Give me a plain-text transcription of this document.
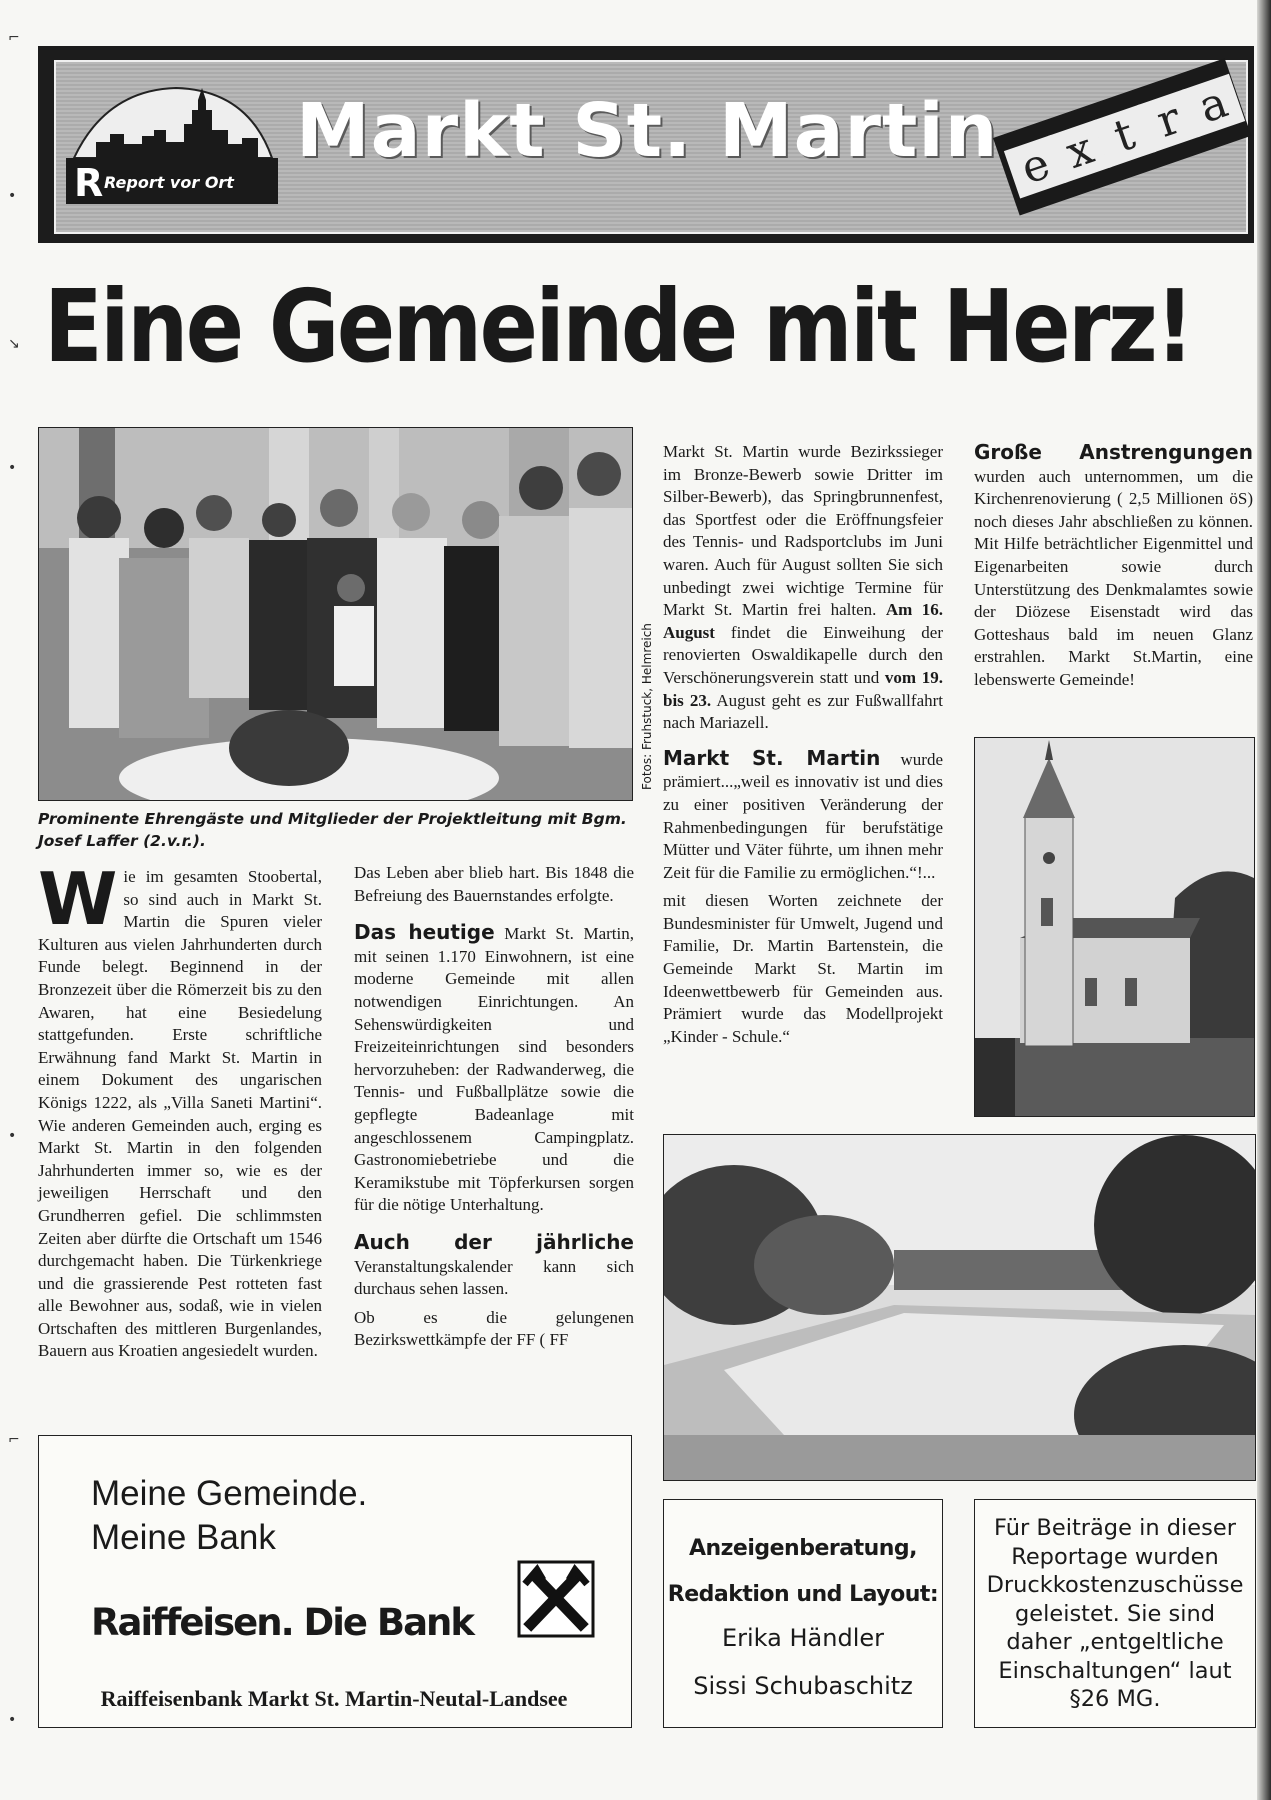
⌐
•
↘
•
•
⌐
•
R Report vor Ort
Markt St. Martin e x t r a
Eine Gemeinde mit Herz!
Fotos: Fruhstuck, Helmreich
Prominente Ehrengäste und Mitglieder der Projektleitung mit Bgm. Josef Laffer (2.v.r.).

Wie im gesamten Stoobertal, so sind auch in Markt St. Martin die Spuren vieler Kulturen aus vielen Jahrhunderten durch Funde belegt. Beginnend in der Bronzezeit über die Römerzeit bis zu den Awaren, hat eine Besiedelung stattgefunden. Erste schriftliche Erwähnung fand Markt St. Martin in einem Dokument des ungarischen Königs 1222, als „Villa Saneti Martini“. Wie anderen Gemeinden auch, erging es Markt St. Martin in den folgenden Jahrhunderten immer so, wie es der jeweiligen Herrschaft und den Grundherren gefiel. Die schlimmsten Zeiten aber dürfte die Ortschaft um 1546 durchgemacht haben. Die Türkenkriege und die grassierende Pest rotteten fast alle Bewohner aus, sodaß, wie in vielen Ortschaften des mittleren Burgenlandes, Bauern aus Kroatien angesiedelt wurden.

Das Leben aber blieb hart. Bis 1848 die Befreiung des Bauernstandes erfolgte.

Das heutige Markt St. Martin, mit seinen 1.170 Einwohnern, ist eine moderne Gemeinde mit allen notwendigen Einrichtungen. An Sehenswürdigkeiten und Freizeiteinrichtungen sind besonders hervorzuheben: der Radwanderweg, die Tennis- und Fußballplätze sowie die gepflegte Badeanlage mit angeschlossenem Campingplatz. Gastronomiebetriebe und die Keramikstube mit Töpferkursen sorgen für die nötige Unterhaltung.

Auch der jährliche Veranstaltungskalender kann sich durchaus sehen lassen.

Ob es die gelungenen Bezirkswettkämpfe der FF ( FF

Markt St. Martin wurde Bezirkssieger im Bronze-Bewerb sowie Dritter im Silber-Bewerb), das Springbrunnenfest, das Sportfest oder die Eröffnungsfeier des Tennis- und Radsportclubs im Juni waren. Auch für August sollten Sie sich unbedingt zwei wichtige Termine für Markt St. Martin frei halten. Am 16. August findet die Einweihung der renovierten Oswaldikapelle durch den Verschönerungsverein statt und vom 19. bis 23. August geht es zur Fußwallfahrt nach Mariazell.

Markt St. Martin wurde prämiert...„weil es innovativ ist und dies zu einer positiven Veränderung der Rahmenbedingungen für berufstätige Mütter und Väter führte, um ihnen mehr Zeit für die Familie zu ermöglichen.“!...

mit diesen Worten zeichnete der Bundesminister für Umwelt, Jugend und Familie, Dr. Martin Bartenstein, die Gemeinde Markt St. Martin im Ideenwettbewerb für Gemeinden aus. Prämiert wurde das Modellprojekt „Kinder - Schule.“

Große Anstrengungen wurden auch unternommen, um die Kirchenrenovierung ( 2,5 Millionen öS) noch dieses Jahr abschließen zu können. Mit Hilfe beträchtlicher Eigenmittel und Eigenarbeiten sowie durch Unterstützung des Denkmalamtes sowie der Diözese Eisenstadt wird das Gotteshaus bald im neuen Glanz erstrahlen. Markt St.Martin, eine lebenswerte Gemeinde!

Meine Gemeinde.
Meine Bank
Raiffeisen. Die Bank
Raiffeisenbank Markt St. Martin-Neutal-Landsee
Anzeigenberatung,
Redaktion und Layout:
Erika Händler
Sissi Schubaschitz
Für Beiträge in dieser Reportage wurden Druckkostenzuschüsse geleistet. Sie sind daher „entgeltliche Einschaltungen“ laut §26 MG.
